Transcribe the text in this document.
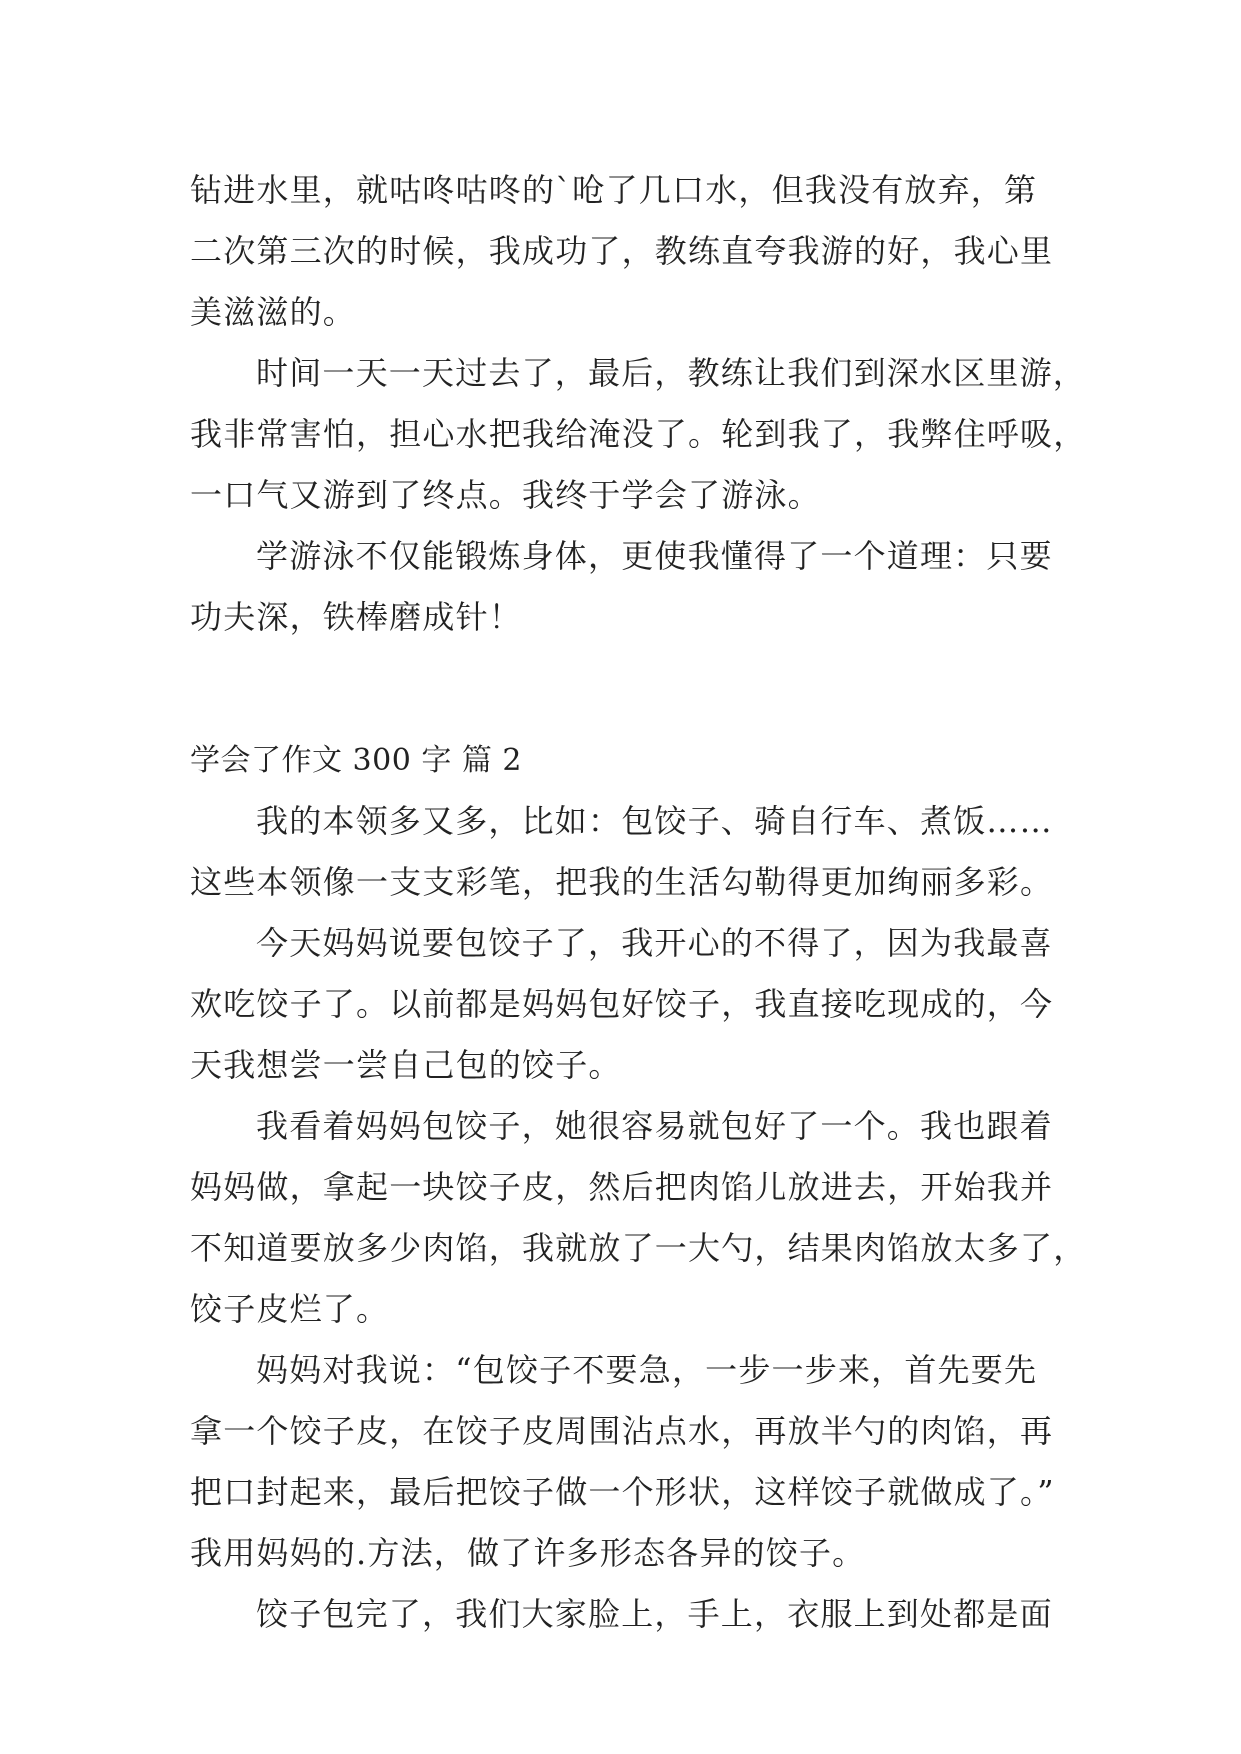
钻进水里，就咕咚咕咚的`呛了几口水，但我没有放弃，第
二次第三次的时候，我成功了，教练直夸我游的好，我心里
美滋滋的。
时间一天一天过去了，最后，教练让我们到深水区里游，
我非常害怕，担心水把我给淹没了。轮到我了，我弊住呼吸，
一口气又游到了终点。我终于学会了游泳。
学游泳不仅能锻炼身体，更使我懂得了一个道理：只要
功夫深，铁棒磨成针！
学会了作文 300 字 篇 2
我的本领多又多，比如：包饺子、骑自行车、煮饭……
这些本领像一支支彩笔，把我的生活勾勒得更加绚丽多彩。
今天妈妈说要包饺子了，我开心的不得了，因为我最喜
欢吃饺子了。以前都是妈妈包好饺子，我直接吃现成的，今
天我想尝一尝自己包的饺子。
我看着妈妈包饺子，她很容易就包好了一个。我也跟着
妈妈做，拿起一块饺子皮，然后把肉馅儿放进去，开始我并
不知道要放多少肉馅，我就放了一大勺，结果肉馅放太多了，
饺子皮烂了。
妈妈对我说：“包饺子不要急，一步一步来，首先要先
拿一个饺子皮，在饺子皮周围沾点水，再放半勺的肉馅，再
把口封起来，最后把饺子做一个形状，这样饺子就做成了。”
我用妈妈的.方法，做了许多形态各异的饺子。
饺子包完了，我们大家脸上，手上，衣服上到处都是面
